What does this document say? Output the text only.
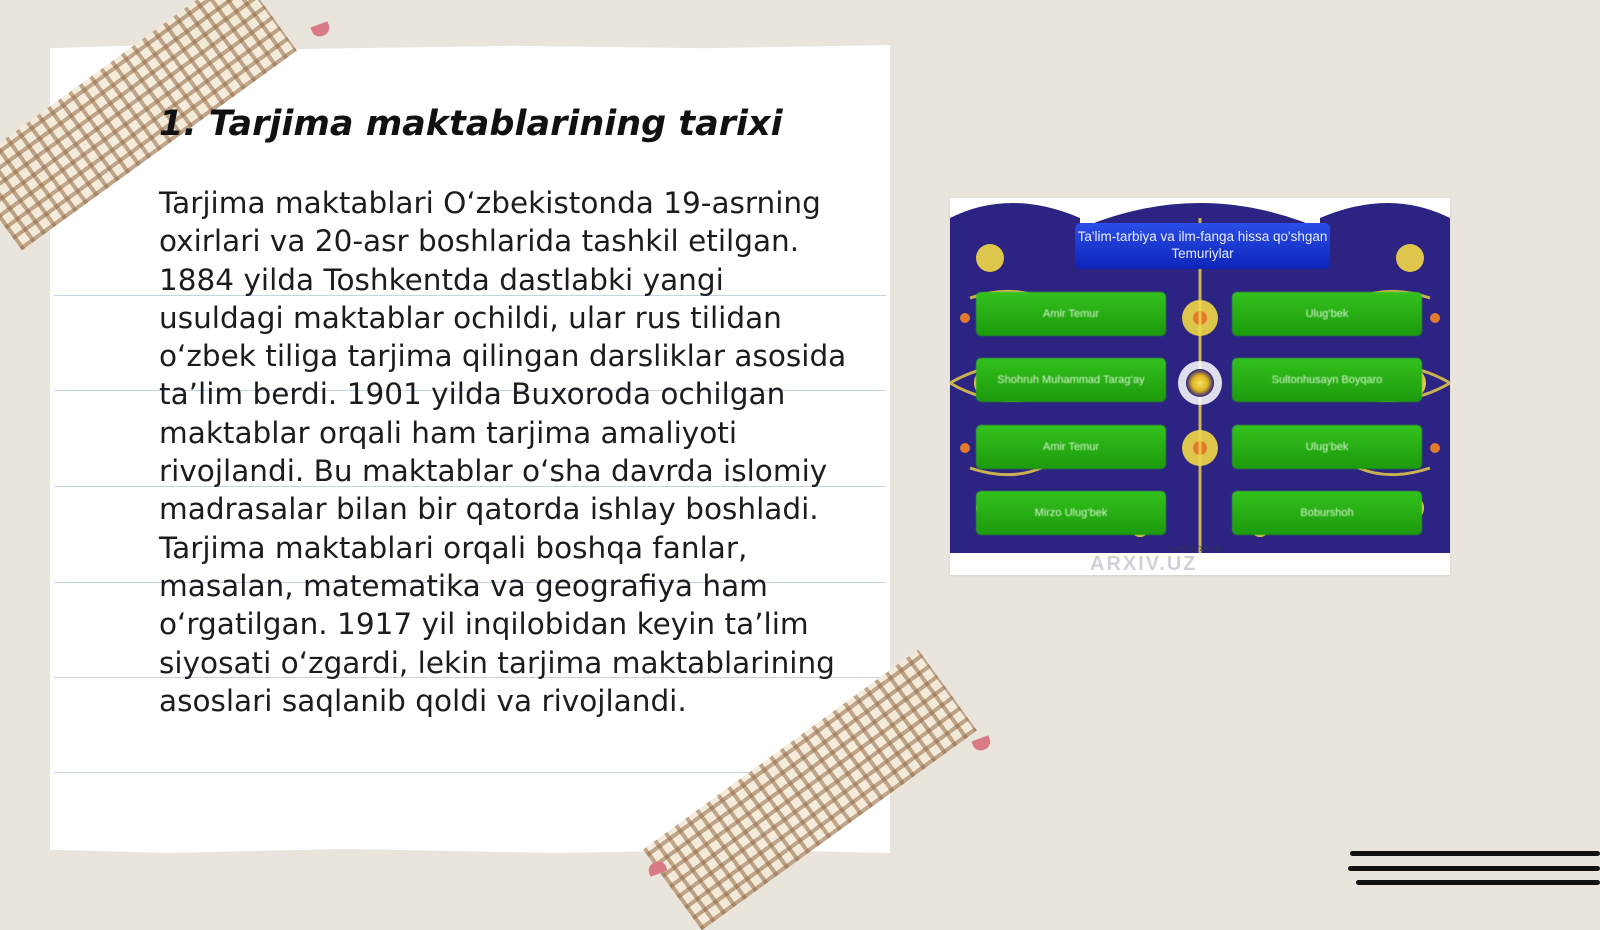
1. Tarjima maktablarining tarixi

Tarjima maktablari O‘zbekistonda 19-asrning oxirlari va 20-asr boshlarida tashkil etilgan. 1884 yilda Toshkentda dastlabki yangi usuldagi maktablar ochildi, ular rus tilidan o‘zbek tiliga tarjima qilingan darsliklar asosida ta’lim berdi. 1901 yilda Buxoroda ochilgan maktablar orqali ham tarjima amaliyoti rivojlandi. Bu maktablar o‘sha davrda islomiy madrasalar bilan bir qatorda ishlay boshladi. Tarjima maktablari orqali boshqa fanlar, masalan, matematika va geografiya ham o‘rgatilgan. 1917 yil inqilobidan keyin ta’lim siyosati o‘zgardi, lekin tarjima maktablarining asoslari saqlanib qoldi va rivojlandi.

Ta'lim-tarbiya va ilm-fanga hissa qo'shgan Temuriylar
Amir Temur	Ulug‘bek
Shohruh Muhammad Tarag‘ay	Sultonhusayn Boyqaro
Amir Temur	Ulug‘bek
Mirzo Ulug‘bek	Boburshoh
www.arxiv.uz
ARXIV.UZ
